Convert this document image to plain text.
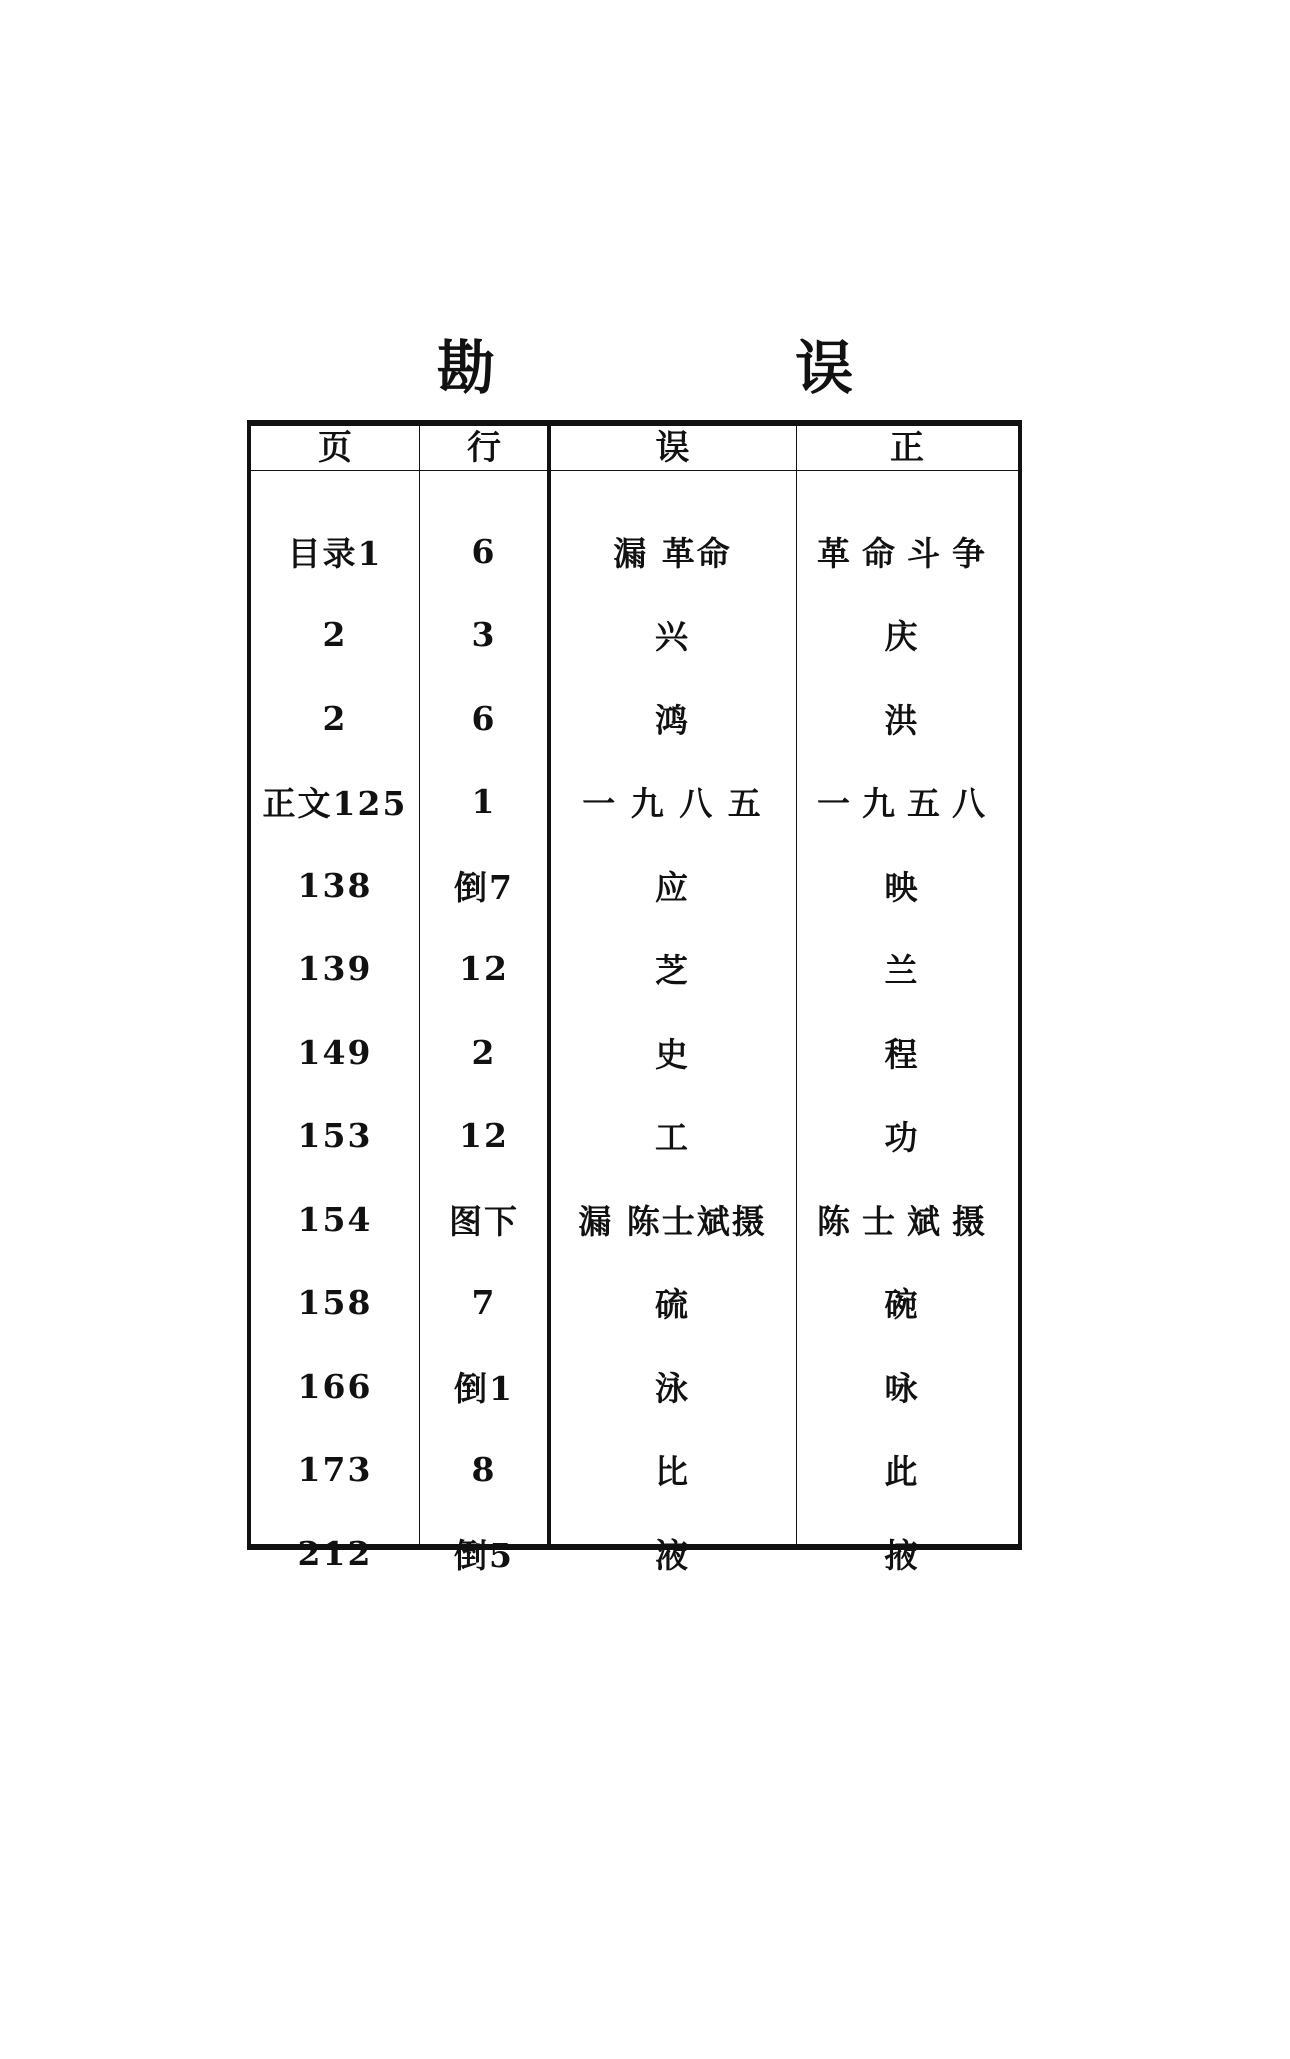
勘 误
页	行	误	正
目录1	6	漏 革命	革命斗争
2	3	兴	庆
2	6	鸿	洪
正文125	1	一 九 八 五	一九五八
138	倒7	应	映
139	12	芝	兰
149	2	史	程
153	12	工	功
154	图下	漏 陈士斌摄	陈士斌摄
158	7	硫	碗
166	倒1	泳	咏
173	8	比	此
212	倒5	液	掖
